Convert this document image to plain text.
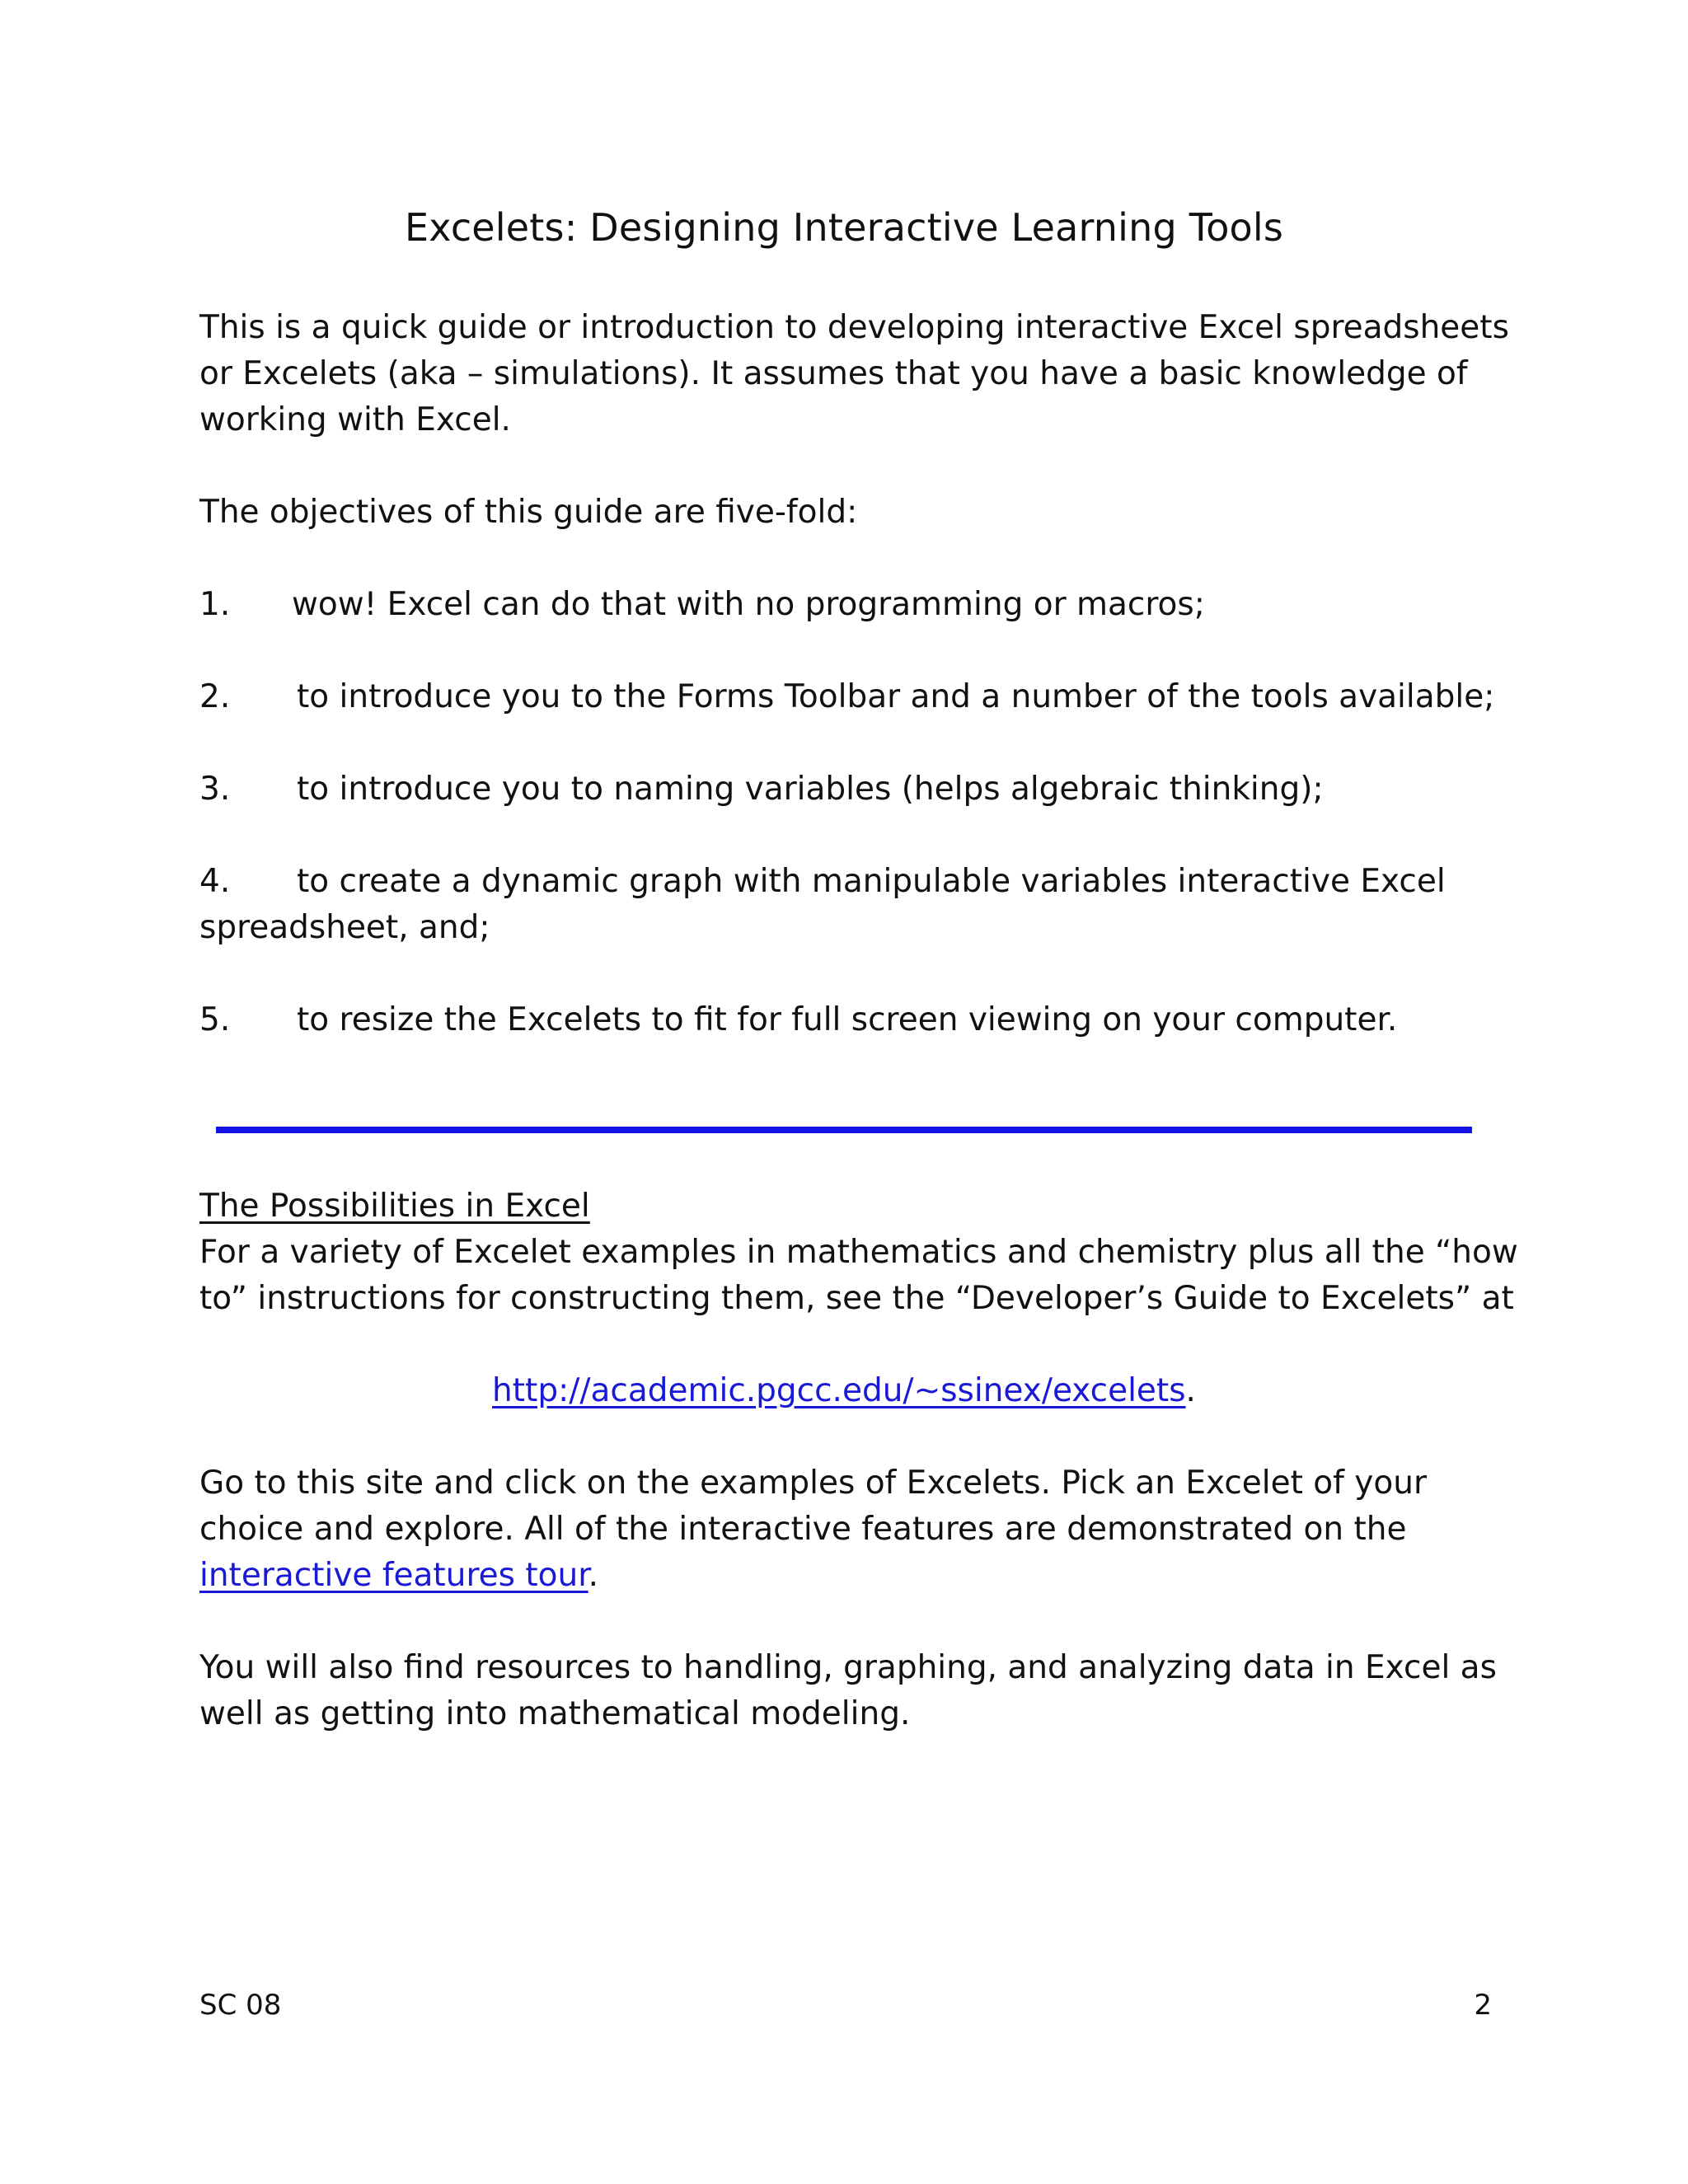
Excelets: Designing Interactive Learning Tools

This is a quick guide or introduction to developing interactive Excel spreadsheets

or Excelets (aka – simulations). It assumes that you have a basic knowledge of

working with Excel.

The objectives of this guide are five-fold:

1. wow! Excel can do that with no programming or macros;
2. to introduce you to the Forms Toolbar and a number of the tools available;
3. to introduce you to naming variables (helps algebraic thinking);
4. to create a dynamic graph with manipulable variables interactive Excel

spreadsheet, and;

5. to resize the Excelets to fit for full screen viewing on your computer.

The Possibilities in Excel

For a variety of Excelet examples in mathematics and chemistry plus all the “how

to” instructions for constructing them, see the “Developer’s Guide to Excelets” at

http://academic.pgcc.edu/~ssinex/excelets.

Go to this site and click on the examples of Excelets. Pick an Excelet of your

choice and explore. All of the interactive features are demonstrated on the

interactive features tour.

You will also find resources to handling, graphing, and analyzing data in Excel as

well as getting into mathematical modeling.

SC 08	2
